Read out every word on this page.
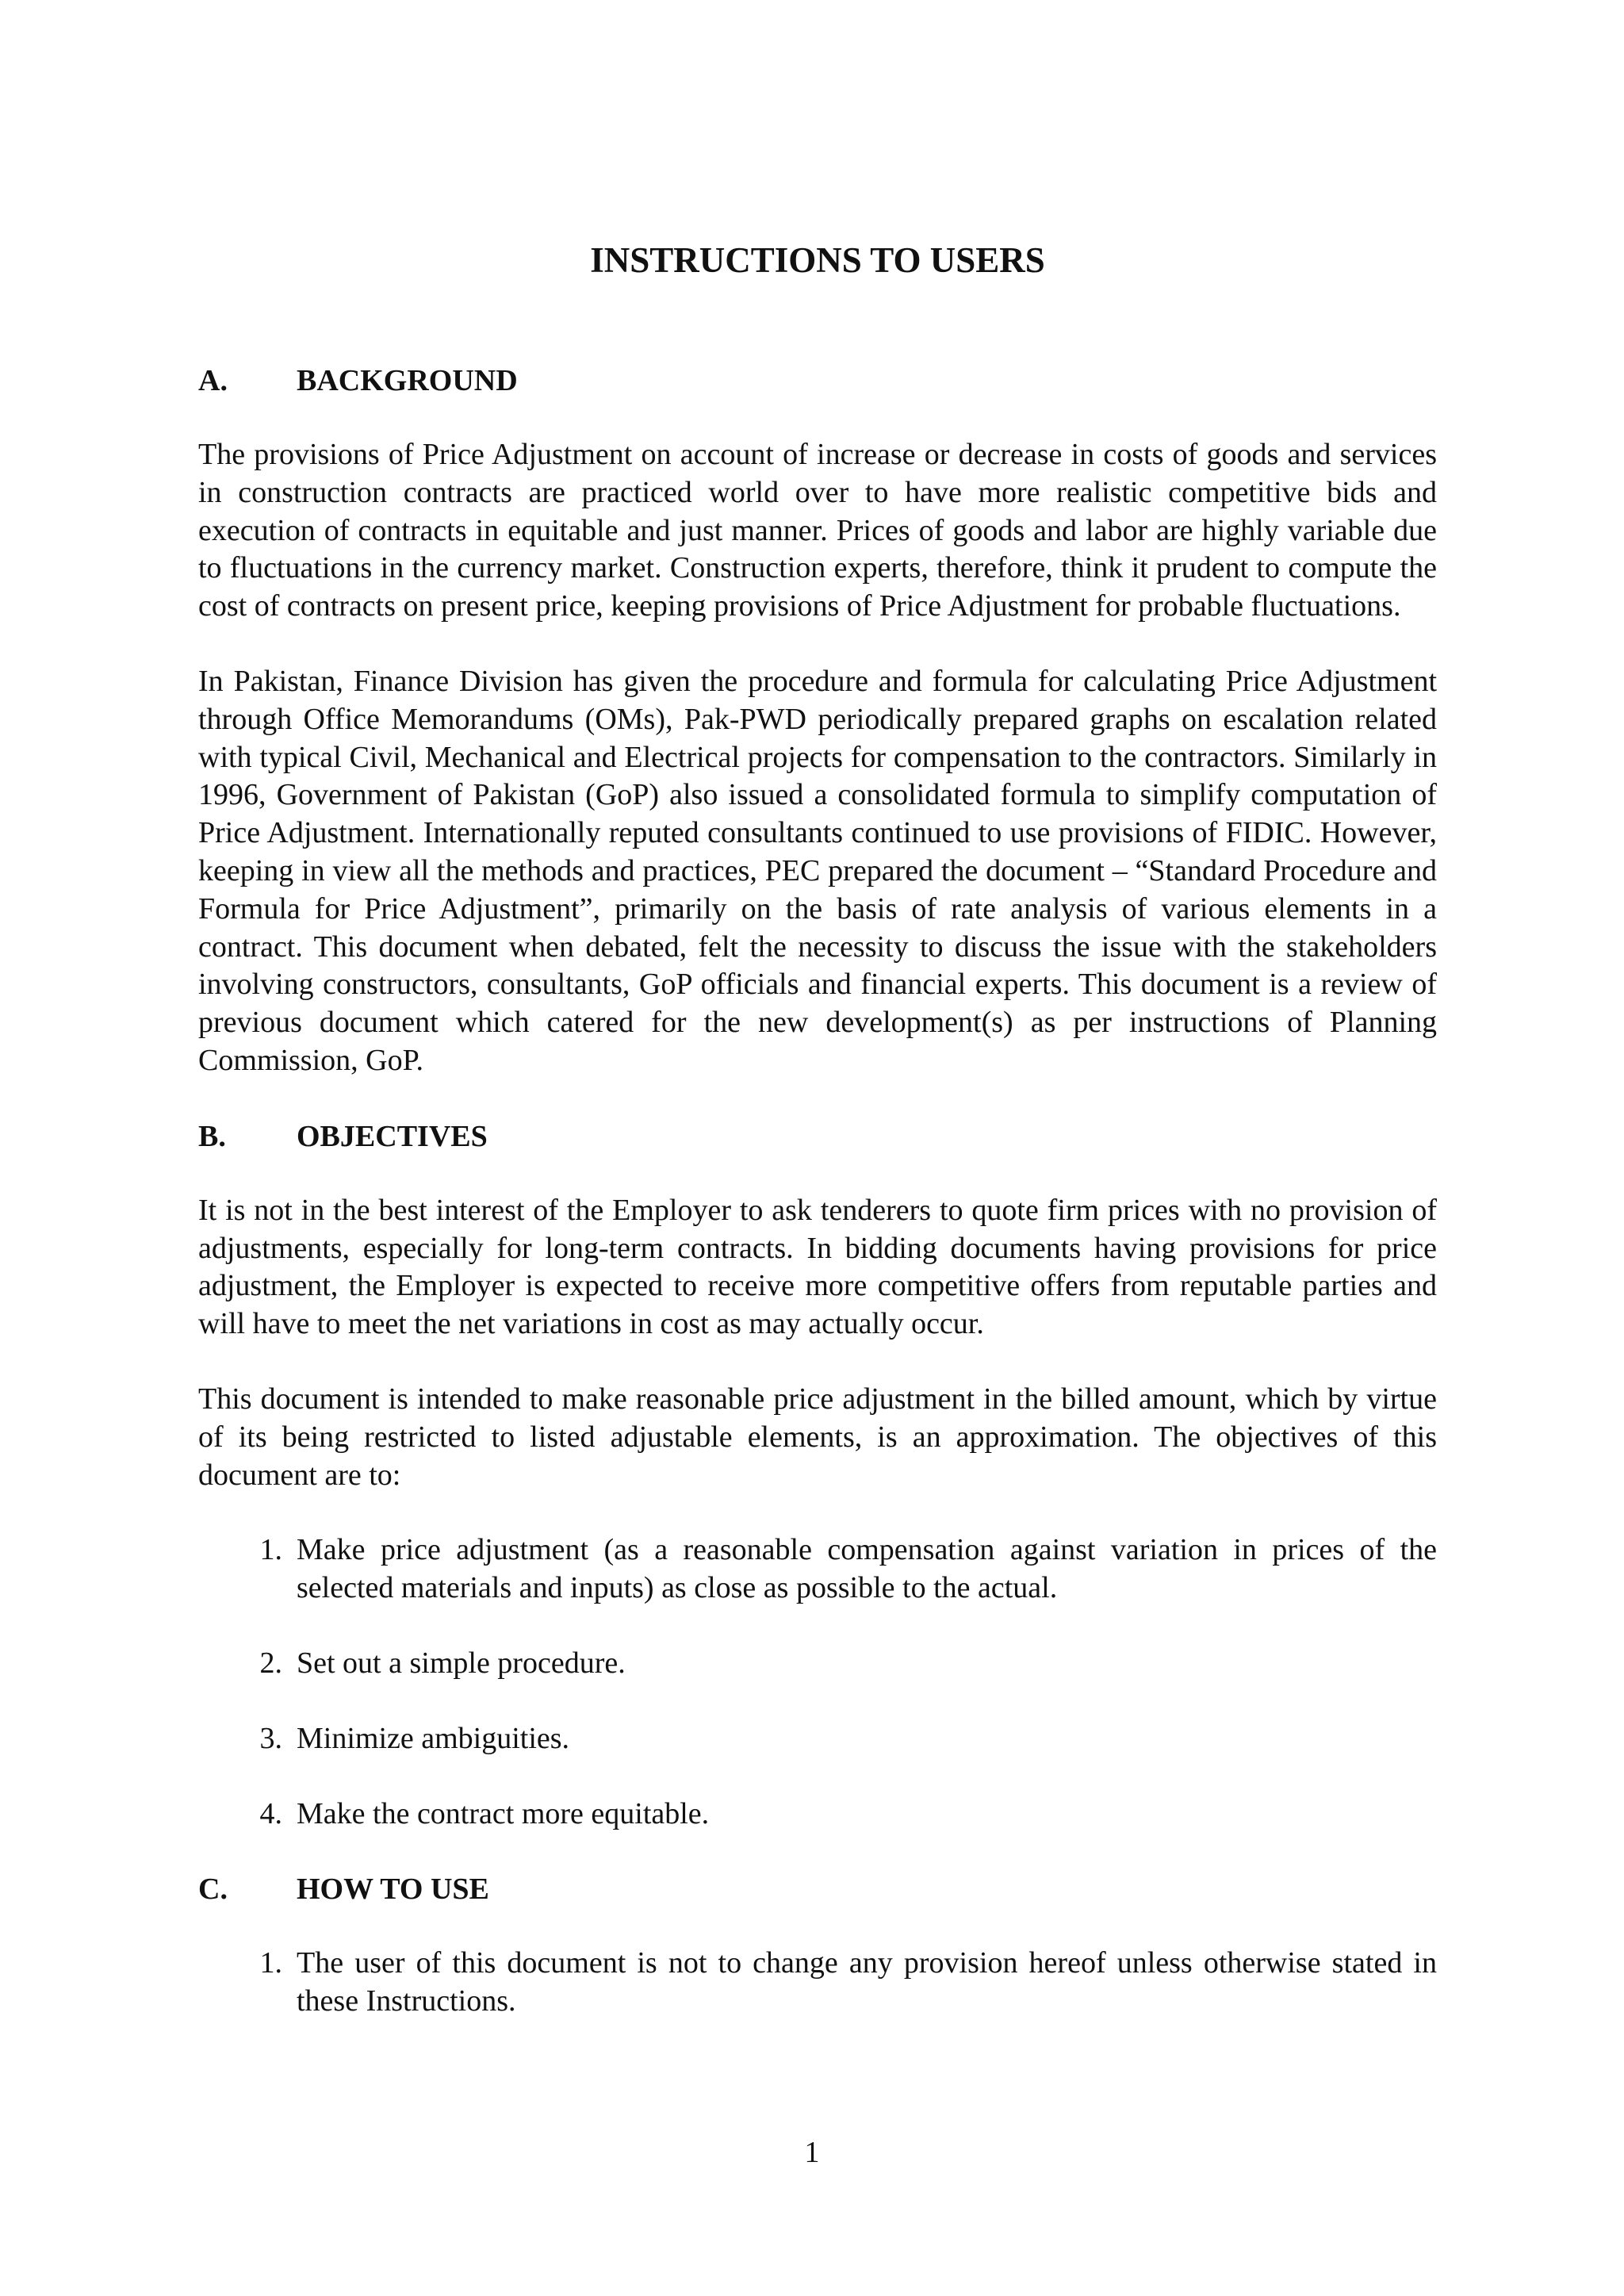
INSTRUCTIONS TO USERS
A.	BACKGROUND

The provisions of Price Adjustment on account of increase or decrease in costs of goods and services in construction contracts are practiced world over to have more realistic competitive bids and execution of contracts in equitable and just manner. Prices of goods and labor are highly variable due to fluctuations in the currency market. Construction experts, therefore, think it prudent to compute the cost of contracts on present price, keeping provisions of Price Adjustment for probable fluctuations.

In Pakistan, Finance Division has given the procedure and formula for calculating Price Adjustment through Office Memorandums (OMs), Pak-PWD periodically prepared graphs on escalation related with typical Civil, Mechanical and Electrical projects for compensation to the contractors. Similarly in 1996, Government of Pakistan (GoP) also issued a consolidated formula to simplify computation of Price Adjustment. Internationally reputed consultants continued to use provisions of FIDIC. However, keeping in view all the methods and practices, PEC prepared the document – “Standard Procedure and Formula for Price Adjustment”, primarily on the basis of rate analysis of various elements in a contract. This document when debated, felt the necessity to discuss the issue with the stakeholders involving constructors, consultants, GoP officials and financial experts. This document is a review of previous document which catered for the new development(s) as per instructions of Planning Commission, GoP.

B.	OBJECTIVES

It is not in the best interest of the Employer to ask tenderers to quote firm prices with no provision of adjustments, especially for long-term contracts. In bidding documents having provisions for price adjustment, the Employer is expected to receive more competitive offers from reputable parties and will have to meet the net variations in cost as may actually occur.

This document is intended to make reasonable price adjustment in the billed amount, which by virtue of its being restricted to listed adjustable elements, is an approximation. The objectives of this document are to:

1. Make price adjustment (as a reasonable compensation against variation in prices of the selected materials and inputs) as close as possible to the actual.
2. Set out a simple procedure.
3. Minimize ambiguities.
4. Make the contract more equitable.
C.	HOW TO USE
1. The user of this document is not to change any provision hereof unless otherwise stated in these Instructions.
1
